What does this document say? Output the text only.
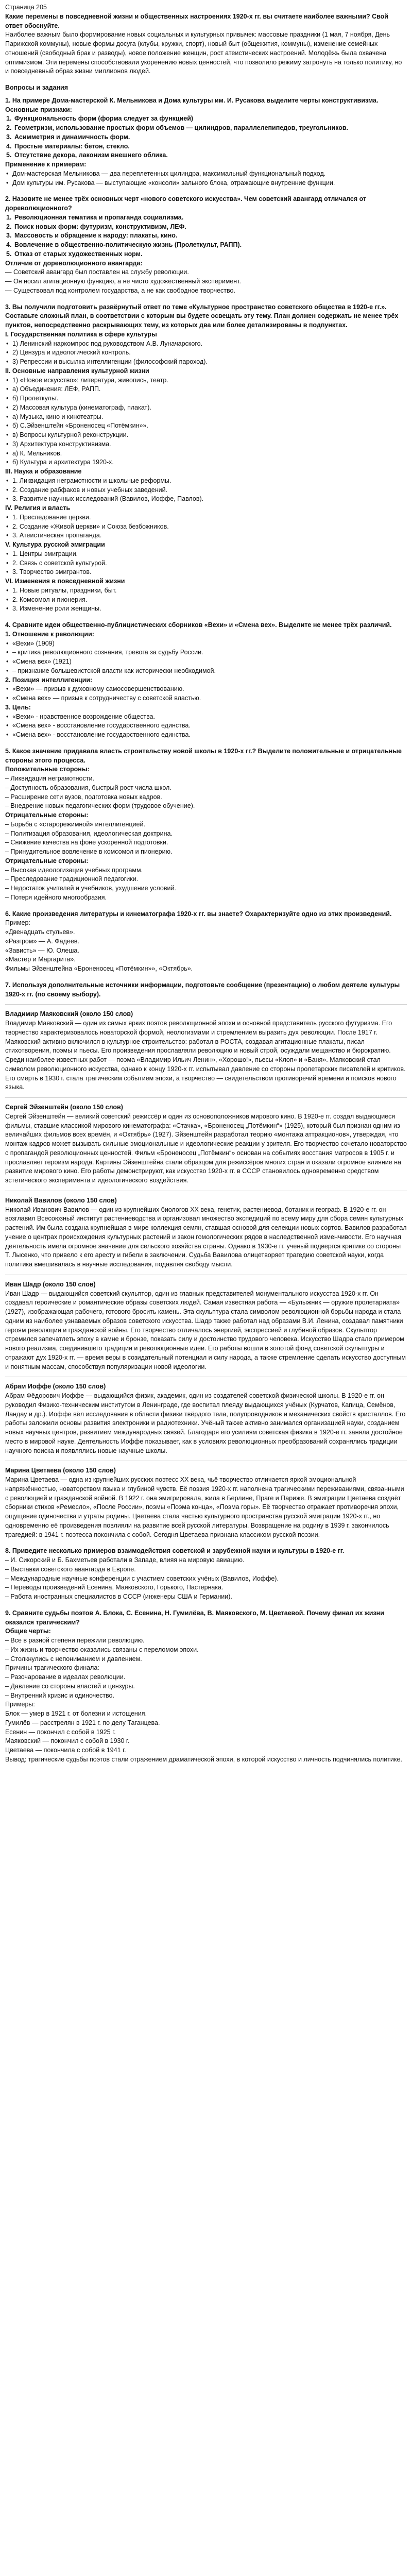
Страница 205
Какие перемены в повседневной жизни и общественных настроениях 1920-х гг. вы считаете наиболее важными? Свой ответ обоснуйте.
Наиболее важным было формирование новых социальных и культурных привычек: массовые праздники (1 мая, 7 ноября, День Парижской коммуны), новые формы досуга (клубы, кружки, спорт), новый быт (общежития, коммуны), изменение семейных отношений (свободный брак и разводы), новое положение женщин, рост атеистических настроений. Молодёжь была охвачена оптимизмом. Эти перемены способствовали укоренению новых ценностей, что позволило режиму затронуть на только политику, но и повседневный образ жизни миллионов людей.
Вопросы и задания
1. На примере Дома-мастерской К. Мельникова и Дома культуры им. И. Русакова выделите черты конструктивизма.
Основные признаки:
1. Функциональность форм (форма следует за функцией)
2. Геометризм, использование простых форм объемов — цилиндров, параллелепипедов, треугольников.
3. Асимметрия и динамичность форм.
4. Простые материалы: бетон, стекло.
5. Отсутствие декора, лаконизм внешнего облика.
Применение к примерам:
• Дом-мастерская Мельникова — два переплетенных цилиндра, максимальный функциональный подход.
• Дом культуры им. Русакова — выступающие «консоли» зального блока, отражающие внутренние функции.
2. Назовите не менее трёх основных черт «нового советского искусства». Чем советский авангард отличался от дореволюционного?
1. Революционная тематика и пропаганда социализма.
2. Поиск новых форм: футуризм, конструктивизм, ЛЕФ.
3. Массовость и обращение к народу: плакаты, кино.
4. Вовлечение в общественно-политическую жизнь (Пролеткульт, РАПП).
5. Отказ от старых художественных норм.
Отличие от дореволюционного авангарда:
— Советский авангард был поставлен на службу революции.
— Он носил агитационную функцию, а не чисто художественный эксперимент.
— Существовал под контролем государства, а не как свободное творчество.
3. Вы получили подготовить развёрнутый ответ по теме «Культурное пространство советского общества в 1920-е гг.». Составьте сложный план, в соответствии с которым вы будете освещать эту тему. План должен содержать не менее трёх пунктов, непосредственно раскрывающих тему, из которых два или более детализированы в подпунктах.
I. Государственная политика в сфере культуры
• 1) Ленинский наркомпрос под руководством А.В. Луначарского.
• 2) Цензура и идеологический контроль.
• 3) Репрессии и высылка интеллигенции (философский пароход).
II. Основные направления культурной жизни
• 1) «Новое искусство»: литература, живопись, театр.
• а) Объединения: ЛЕФ, РАПП.
• б) Пролеткульт.
• 2) Массовая культура (кинематограф, плакат).
• а) Музыка, кино и кинотеатры.
• б) С.Эйзенштейн «Броненосец «Потёмкин»».
• в) Вопросы культурной реконструкции.
• 3) Архитектура конструктивизма.
• а) К. Мельников.
• б) Культура и архитектура 1920-х.
III. Наука и образование
• 1. Ликвидация неграмотности и школьные реформы.
• 2. Создание рабфаков и новых учебных заведений.
• 3. Развитие научных исследований (Вавилов, Иоффе, Павлов).
IV. Религия и власть
• 1. Преследование церкви.
• 2. Создание «Живой церкви» и Союза безбожников.
• 3. Атеистическая пропаганда.
V. Культура русской эмиграции
• 1. Центры эмиграции.
• 2. Связь с советской культурой.
• 3. Творчество эмигрантов.
VI. Изменения в повседневной жизни
• 1. Новые ритуалы, праздники, быт.
• 2. Комсомол и пионерия.
• 3. Изменение роли женщины.
4. Сравните идеи общественно-публицистических сборников «Вехи» и «Смена вех». Выделите не менее трёх различий.
1. Отношение к революции:
• «Вехи» (1909)
• – критика революционного сознания, тревога за судьбу России.
• «Смена вех» (1921)
• – признание большевистской власти как исторически необходимой.
2. Позиция интеллигенции:
• «Вехи» — призыв к духовному самосовершенствованию.
• «Смена вех» — призыв к сотрудничеству с советской властью.
3. Цель:
• «Вехи» - нравственное возрождение общества.
• «Смена вех» - восстановление государственного единства.
• «Смена вех» - восстановление государственного единства.
5. Какое значение придавала власть строительству новой школы в 1920-х гг.? Выделите положительные и отрицательные стороны этого процесса.
Положительные стороны:
– Ликвидация неграмотности.
– Доступность образования, быстрый рост числа школ.
– Расширение сети вузов, подготовка новых кадров.
– Внедрение новых педагогических форм (трудовое обучение).
Отрицательные стороны:
– Борьба с «старорежимной» интеллигенцией.
– Политизация образования, идеологическая доктрина.
– Снижение качества на фоне ускоренной подготовки.
– Принудительное вовлечение в комсомол и пионерию.
Отрицательные стороны:
– Высокая идеологизация учебных программ.
– Преследование традиционной педагогики.
– Недостаток учителей и учебников, ухудшение условий.
– Потеря идейного многообразия.
6. Какие произведения литературы и кинематографа 1920-х гг. вы знаете? Охарактеризуйте одно из этих произведений.
Пример:
«Двенадцать стульев».
«Разгром» — А. Фадеев.
«Зависть» — Ю. Олеша.
«Мастер и Маргарита».
Фильмы Эйзенштейна «Броненосец «Потёмкин»», «Октябрь».
7. Используя дополнительные источники информации, подготовьте сообщение (презентацию) о любом деятеле культуры 1920-х гг. (по своему выбору).
Владимир Маяковский (около 150 слов)
Владимир Маяковский — один из самых ярких поэтов революционной эпохи и основной представитель русского футуризма. Его творчество характеризовалось новаторской формой, неологизмами и стремлением выразить дух революции. После 1917 г. Маяковский активно включился в культурное строительство: работал в РОСТА, создавая агитационные плакаты, писал стихотворения, поэмы и пьесы. Его произведения прославляли революцию и новый строй, осуждали мещанство и бюрократию. Среди наиболее известных работ — поэма «Владимир Ильич Ленин», «Хорошо!», пьесы «Клоп» и «Баня». Маяковский стал символом революционного искусства, однако к концу 1920-х гг. испытывал давление со стороны пролетарских писателей и критиков. Его смерть в 1930 г. стала трагическим событием эпохи, а творчество — свидетельством противоречий времени и поисков нового языка.
Сергей Эйзенштейн (около 150 слов)
Сергей Эйзенштейн — великий советский режиссёр и один из основоположников мирового кино. В 1920-е гг. создал выдающиеся фильмы, ставшие классикой мирового кинематографа: «Стачка», «Броненосец „Потёмкин“» (1925), который был признан одним из величайших фильмов всех времён, и «Октябрь» (1927). Эйзенштейн разработал теорию «монтажа аттракционов», утверждая, что монтаж кадров может вызывать сильные эмоциональные и идеологические реакции у зрителя. Его творчество сочетало новаторство с пропагандой революционных ценностей. Фильм «Броненосец „Потёмкин“» основан на событиях восстания матросов в 1905 г. и прославляет героизм народа. Картины Эйзенштейна стали образцом для режиссёров многих стран и оказали огромное влияние на развитие мирового кино. Его работы демонстрируют, как искусство 1920-х гг. в СССР становилось одновременно средством эстетического эксперимента и идеологического воздействия.
Николай Вавилов (около 150 слов)
Николай Иванович Вавилов — один из крупнейших биологов XX века, генетик, растениевод, ботаник и географ. В 1920-е гг. он возглавил Всесоюзный институт растениеводства и организовал множество экспедиций по всему миру для сбора семян культурных растений. Им была создана крупнейшая в мире коллекция семян, ставшая основой для селекции новых сортов. Вавилов разработал учение о центрах происхождения культурных растений и закон гомологических рядов в наследственной изменчивости. Его научная деятельность имела огромное значение для сельского хозяйства страны. Однако в 1930-е гг. ученый подвергся критике со стороны Т. Лысенко, что привело к его аресту и гибели в заключении. Судьба Вавилова олицетворяет трагедию советской науки, когда политика вмешивалась в научные исследования, подавляя свободу мысли.
Иван Шадр (около 150 слов)
Иван Шадр — выдающийся советский скульптор, один из главных представителей монументального искусства 1920-х гг. Он создавал героические и романтические образы советских людей. Самая известная работа — «Булыжник — оружие пролетариата» (1927), изображающая рабочего, готового бросить камень. Эта скульптура стала символом революционной борьбы народа и стала одним из наиболее узнаваемых образов советского искусства. Шадр также работал над образами В.И. Ленина, создавал памятники героям революции и гражданской войны. Его творчество отличалось энергией, экспрессией и глубиной образов. Скульптор стремился запечатлеть эпоху в камне и бронзе, показать силу и достоинство трудового человека. Искусство Шадра стало примером нового реализма, соединившего традиции и революционные идеи. Его работы вошли в золотой фонд советской скульптуры и отражают дух 1920-х гг. — время веры в созидательный потенциал и силу народа, а также стремление сделать искусство доступным и понятным массам, способствуя популяризации новой идеологии.
Абрам Иоффе (около 150 слов)
Абрам Фёдорович Иоффе — выдающийся физик, академик, один из создателей советской физической школы. В 1920-е гг. он руководил Физико-техническим институтом в Ленинграде, где воспитал плеяду выдающихся учёных (Курчатов, Капица, Семёнов, Ландау и др.). Иоффе вёл исследования в области физики твёрдого тела, полупроводников и механических свойств кристаллов. Его работы заложили основы развития электроники и радиотехники. Учёный также активно занимался организацией науки, созданием новых научных центров, развитием международных связей. Благодаря его усилиям советская физика в 1920-е гг. заняла достойное место в мировой науке. Деятельность Иоффе показывает, как в условиях революционных преобразований сохранялись традиции научного поиска и появлялись новые научные школы.
Марина Цветаева (около 150 слов)
Марина Цветаева — одна из крупнейших русских поэтесс XX века, чьё творчество отличается яркой эмоциональной напряжённостью, новаторством языка и глубиной чувств. Её поэзия 1920-х гг. наполнена трагическими переживаниями, связанными с революцией и гражданской войной. В 1922 г. она эмигрировала, жила в Берлине, Праге и Париже. В эмиграции Цветаева создаёт сборники стихов «Ремесло», «После России», поэмы «Поэма конца», «Поэма горы». Её творчество отражает противоречия эпохи, ощущение одиночества и утраты родины. Цветаева стала частью культурного пространства русской эмиграции 1920-х гг., но одновременно её произведения повлияли на развитие всей русской литературы. Возвращение на родину в 1939 г. закончилось трагедией: в 1941 г. поэтесса покончила с собой. Сегодня Цветаева признана классиком русской поэзии.
8. Приведите несколько примеров взаимодействия советской и зарубежной науки и культуры в 1920-е гг.
– И. Сикорский и Б. Бахметьев работали в Западе, влияя на мировую авиацию.
– Выставки советского авангарда в Европе.
– Международные научные конференции с участием советских учёных (Вавилов, Иоффе).
– Переводы произведений Есенина, Маяковского, Горького, Пастернака.
– Работа иностранных специалистов в СССР (инженеры США и Германии).
9. Сравните судьбы поэтов А. Блока, С. Есенина, Н. Гумилёва, В. Маяковского, М. Цветаевой. Почему финал их жизни оказался трагическим?
Общие черты:
– Все в разной степени пережили революцию.
– Их жизнь и творчество оказались связаны с переломом эпохи.
– Столкнулись с непониманием и давлением.
Причины трагического финала:
– Разочарование в идеалах революции.
– Давление со стороны властей и цензуры.
– Внутренний кризис и одиночество.
Примеры:
Блок — умер в 1921 г. от болезни и истощения.
Гумилёв — расстрелян в 1921 г. по делу Таганцева.
Есенин — покончил с собой в 1925 г.
Маяковский — покончил с собой в 1930 г.
Цветаева — покончила с собой в 1941 г.
Вывод: трагические судьбы поэтов стали отражением драматической эпохи, в которой искусство и личность подчинялись политике.
